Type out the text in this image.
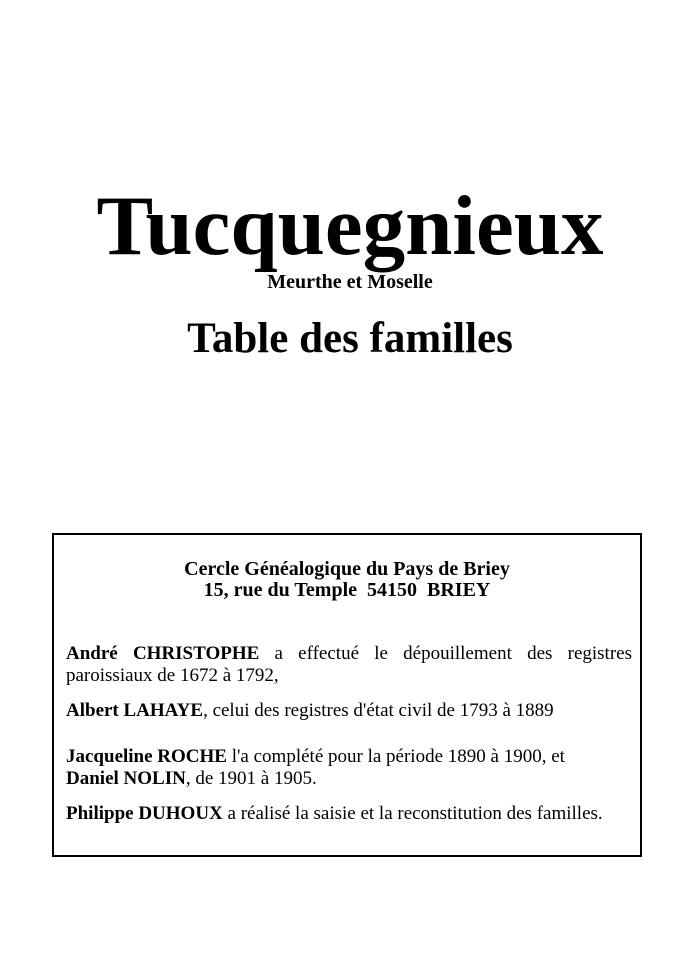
Tucquegnieux
Meurthe et Moselle
Table des familles
Cercle Généalogique du Pays de Briey
15, rue du Temple  54150  BRIEY

André CHRISTOPHE a effectué le dépouillement des registres paroissiaux de 1672 à 1792,

Albert LAHAYE, celui des registres d'état civil de 1793 à 1889

Jacqueline ROCHE l'a complété pour la période 1890 à 1900, et
Daniel NOLIN, de 1901 à 1905.

Philippe DUHOUX a réalisé la saisie et la reconstitution des familles.
